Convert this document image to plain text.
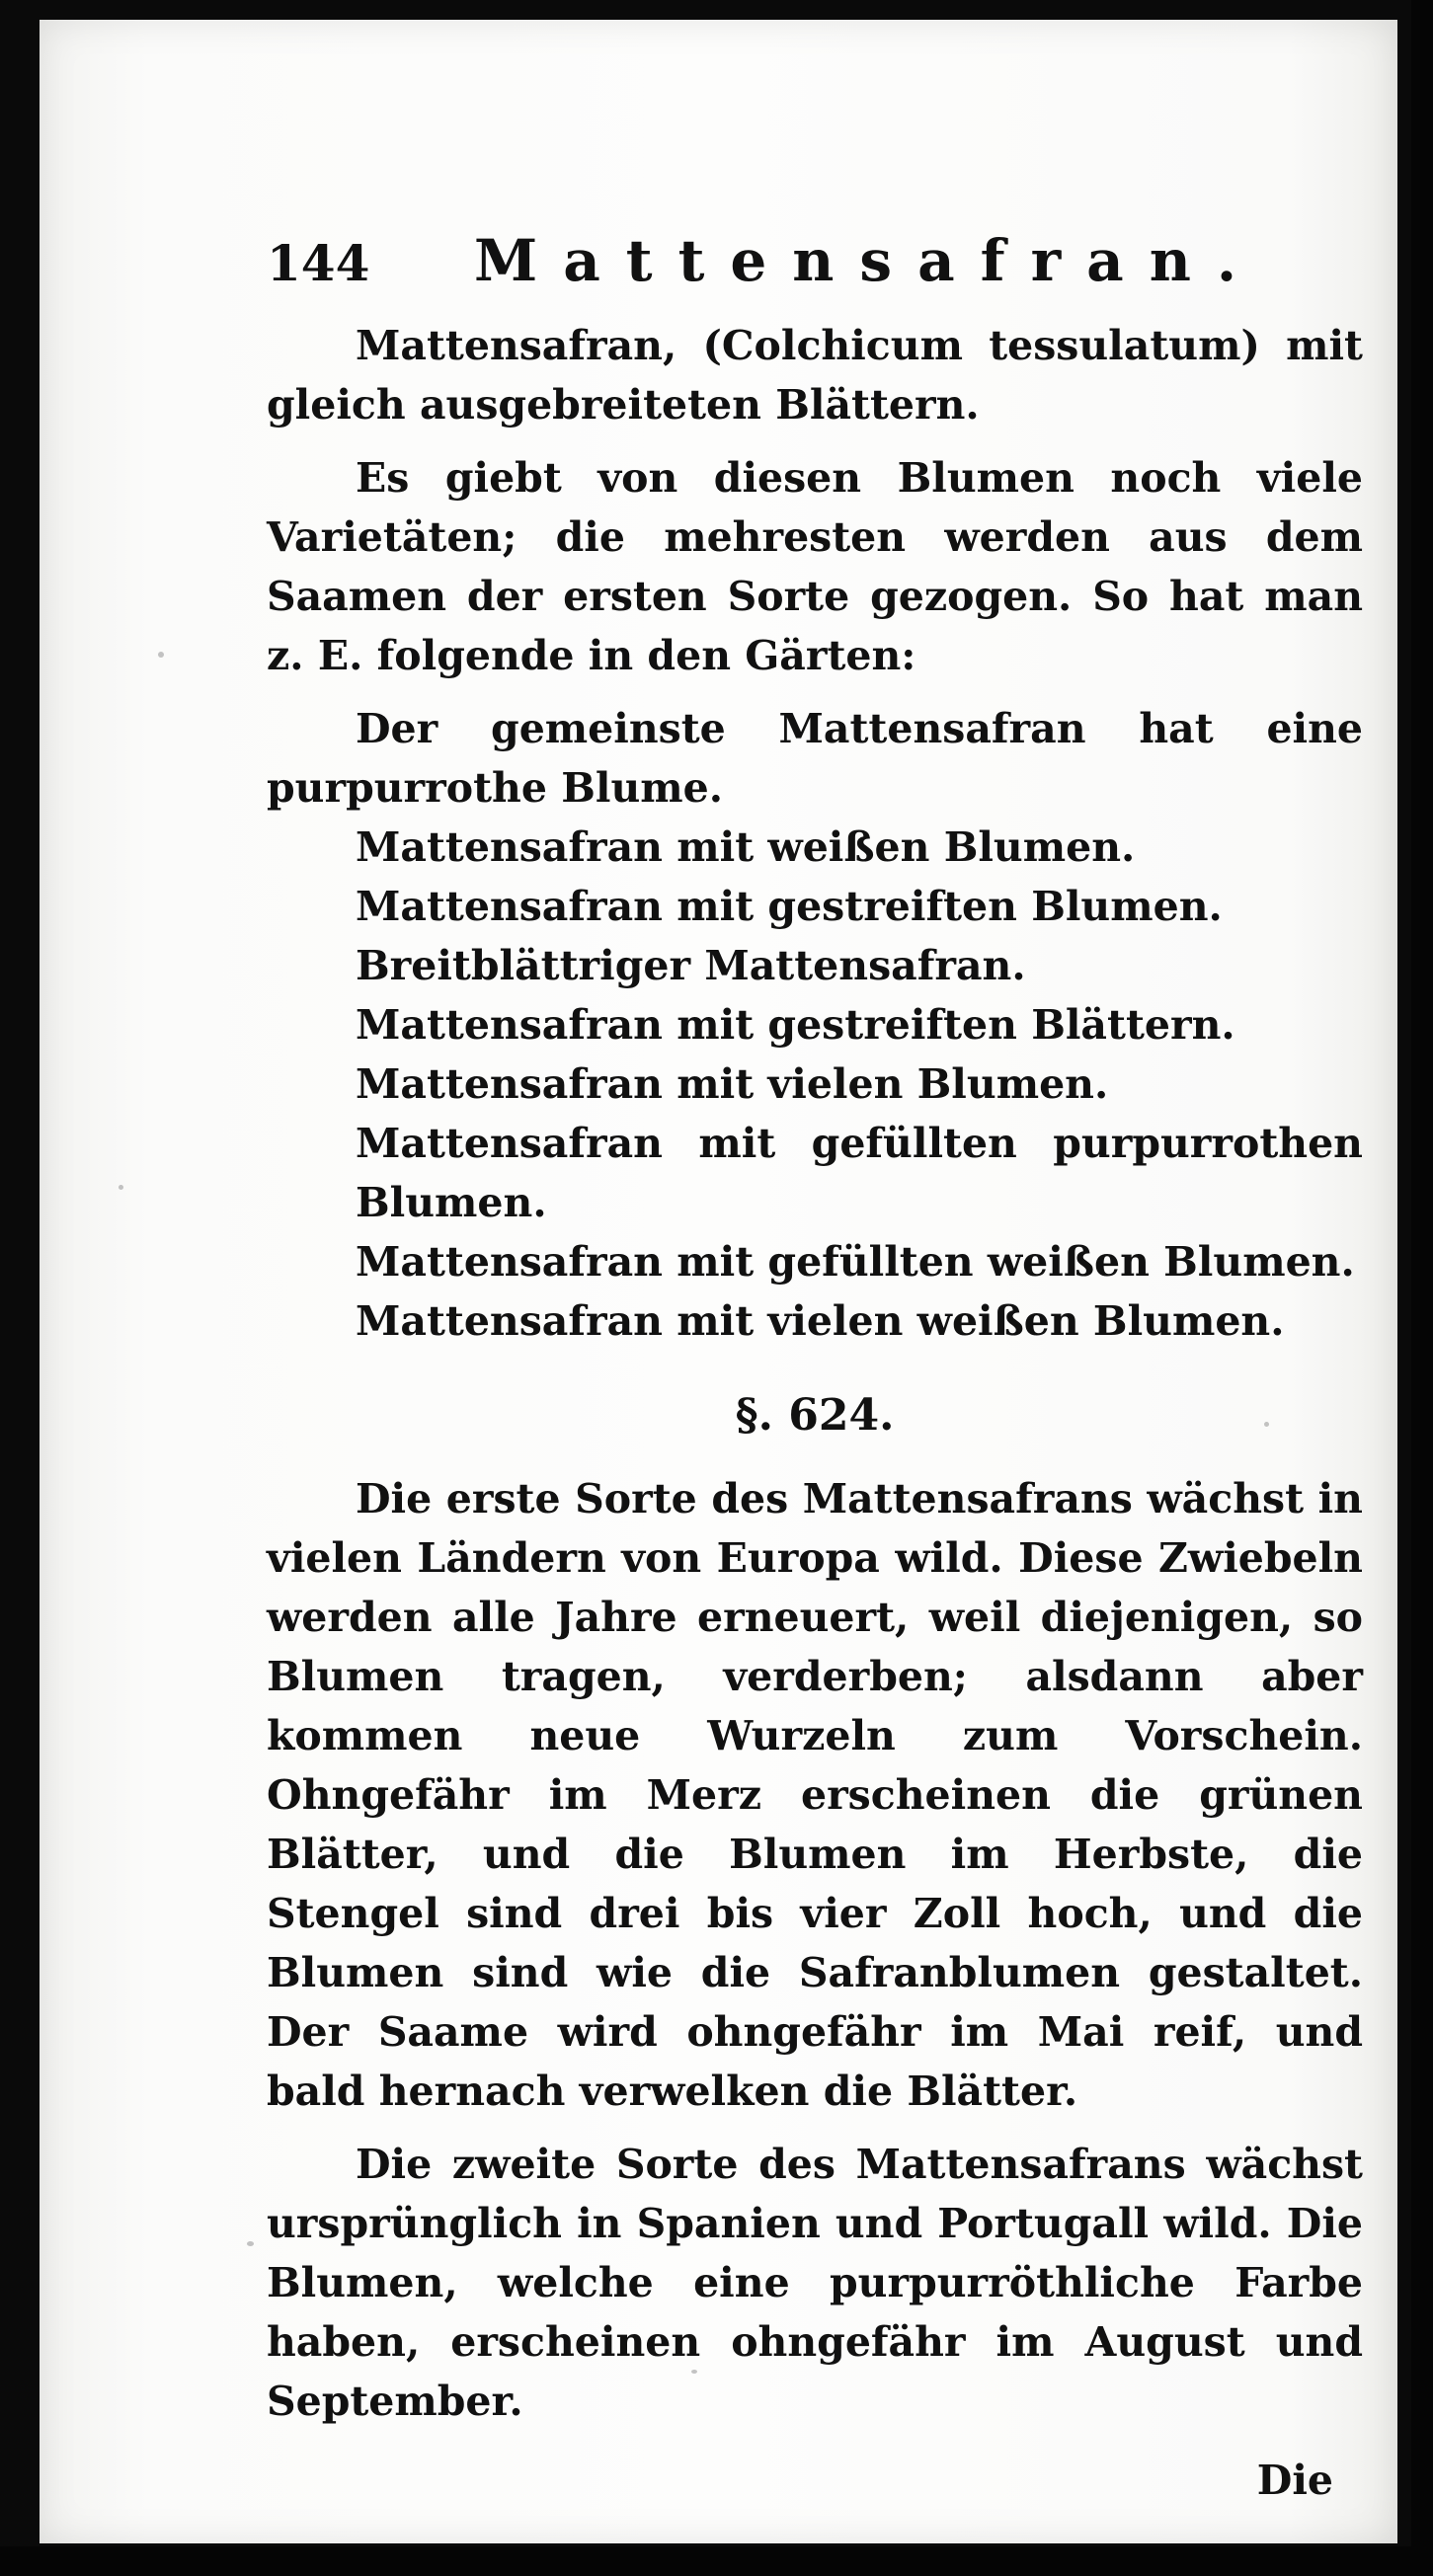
144	Mattensafran.

Mattensafran, (Colchicum tessulatum) mit gleich ausgebreiteten Blättern.

Es giebt von diesen Blumen noch viele Varietäten; die mehresten werden aus dem Saamen der ersten Sorte gezogen. So hat man z. E. folgende in den Gärten:

Der gemeinste Mattensafran hat eine purpurrothe Blume.

Mattensafran mit weißen Blumen.

Mattensafran mit gestreiften Blumen.

Breitblättriger Mattensafran.

Mattensafran mit gestreiften Blättern.

Mattensafran mit vielen Blumen.

Mattensafran mit gefüllten purpurrothen Blumen.

Mattensafran mit gefüllten weißen Blumen.

Mattensafran mit vielen weißen Blumen.

§. 624.

Die erste Sorte des Mattensafrans wächst in vielen Ländern von Europa wild. Diese Zwiebeln werden alle Jahre erneuert, weil diejenigen, so Blumen tragen, verderben; alsdann aber kommen neue Wurzeln zum Vorschein. Ohngefähr im Merz erscheinen die grünen Blätter, und die Blumen im Herbste, die Stengel sind drei bis vier Zoll hoch, und die Blumen sind wie die Safranblumen gestaltet. Der Saame wird ohngefähr im Mai reif, und bald hernach verwelken die Blätter.

Die zweite Sorte des Mattensafrans wächst ursprünglich in Spanien und Portugall wild. Die Blumen, welche eine purpurröthliche Farbe haben, erscheinen ohngefähr im August und September.

Die
